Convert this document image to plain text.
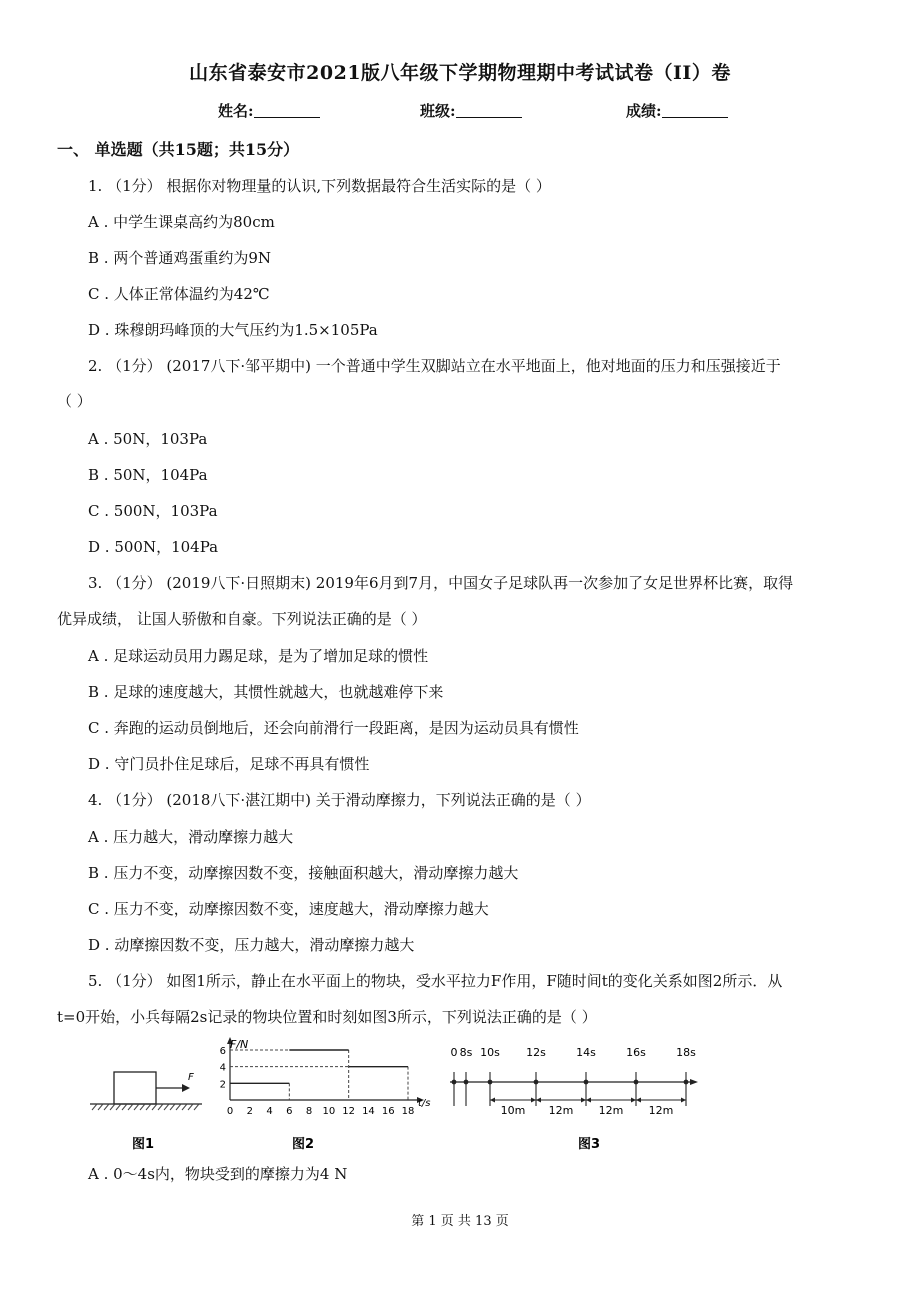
山东省泰安市2021版八年级下学期物理期中考试试卷（II）卷
姓名:	班级:	成绩:
一、 单选题（共15题；共15分）
1. （1分） 根据你对物理量的认识,下列数据最符合生活实际的是（ ）
A . 中学生课桌高约为80cm
B . 两个普通鸡蛋重约为9N
C . 人体正常体温约为42℃
D . 珠穆朗玛峰顶的大气压约为1.5×105Pa
2. （1分） (2017八下·邹平期中) 一个普通中学生双脚站立在水平地面上，他对地面的压力和压强接近于
（ ）
A . 50N，103Pa
B . 50N，104Pa
C . 500N，103Pa
D . 500N，104Pa
3. （1分） (2019八下·日照期末) 2019年6月到7月，中国女子足球队再一次参加了女足世界杯比赛，取得
优异成绩， 让国人骄傲和自豪。下列说法正确的是（ ）
A . 足球运动员用力踢足球，是为了增加足球的惯性
B . 足球的速度越大，其惯性就越大，也就越难停下来
C . 奔跑的运动员倒地后，还会向前滑行一段距离，是因为运动员具有惯性
D . 守门员扑住足球后，足球不再具有惯性
4. （1分） (2018八下·湛江期中) 关于滑动摩擦力，下列说法正确的是（ ）
A . 压力越大，滑动摩擦力越大
B . 压力不变，动摩擦因数不变，接触面积越大，滑动摩擦力越大
C . 压力不变，动摩擦因数不变，速度越大，滑动摩擦力越大
D . 动摩擦因数不变，压力越大，滑动摩擦力越大
5. （1分） 如图1所示，静止在水平面上的物块，受水平拉力F作用，F随时间t的变化关系如图2所示．从
t=0开始，小兵每隔2s记录的物块位置和时刻如图3所示，下列说法正确的是（ ）
F
图1
0 2 4 6 8 10 12 14 16 18
2
4
6
F/N
t/s
图2
0 8s 10s 12s	14s	16s	18s
10m 12m 12m 12m
图3
A . 0～4s内，物块受到的摩擦力为4 N
第 1 页 共 13 页
